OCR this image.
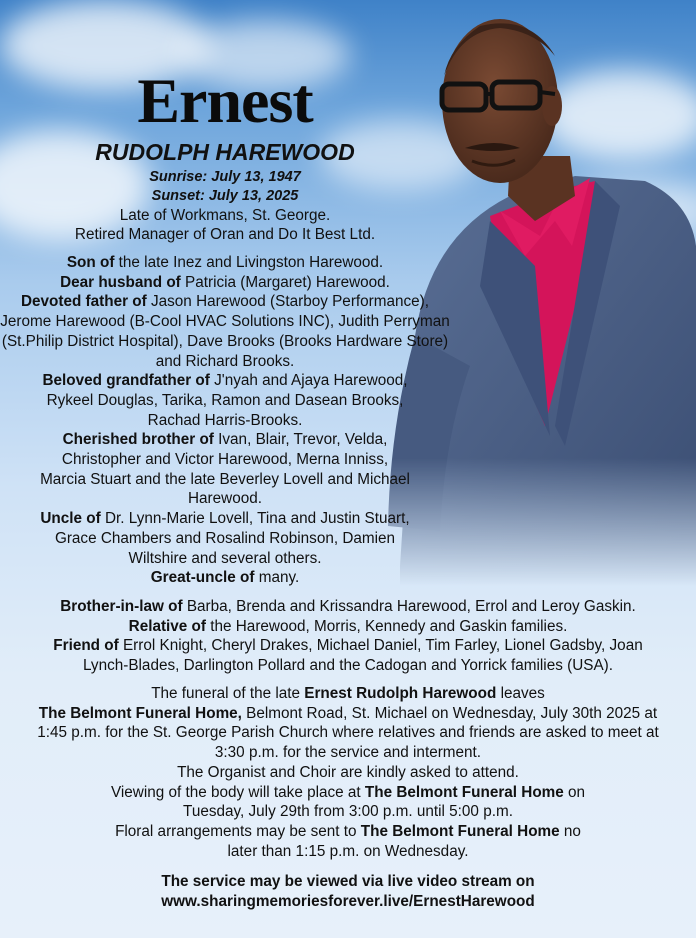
Ernest
RUDOLPH HAREWOOD
Sunrise: July 13, 1947
Sunset: July 13, 2025
Late of Workmans, St. George.
Retired Manager of Oran and Do It Best Ltd.

Son of the late Inez and Livingston Harewood.

Dear husband of Patricia (Margaret) Harewood.

Devoted father of Jason Harewood (Starboy Performance), Jerome Harewood (B-Cool HVAC Solutions INC), Judith Perryman (St.Philip District Hospital), Dave Brooks (Brooks Hardware Store) and Richard Brooks.

Beloved grandfather of J'nyah and Ajaya Harewood, Rykeel Douglas, Tarika, Ramon and Dasean Brooks, Rachad Harris-Brooks.

Cherished brother of Ivan, Blair, Trevor, Velda, Christopher and Victor Harewood, Merna Inniss, Marcia Stuart and the late Beverley Lovell and Michael Harewood.

Uncle of Dr. Lynn-Marie Lovell, Tina and Justin Stuart, Grace Chambers and Rosalind Robinson, Damien Wiltshire and several others.

Great-uncle of many.

Brother-in-law of Barba, Brenda and Krissandra Harewood, Errol and Leroy Gaskin.

Relative of the Harewood, Morris, Kennedy and Gaskin families.

Friend of Errol Knight, Cheryl Drakes, Michael Daniel, Tim Farley, Lionel Gadsby, Joan Lynch-Blades, Darlington Pollard and the Cadogan and Yorrick families (USA).

The funeral of the late Ernest Rudolph Harewood leaves
The Belmont Funeral Home, Belmont Road, St. Michael on Wednesday, July 30th 2025 at 1:45 p.m. for the St. George Parish Church where relatives and friends are asked to meet at 3:30 p.m. for the service and interment.

The Organist and Choir are kindly asked to attend.

Viewing of the body will take place at The Belmont Funeral Home on Tuesday, July 29th from 3:00 p.m. until 5:00 p.m.

Floral arrangements may be sent to The Belmont Funeral Home no later than 1:15 p.m. on Wednesday.

The service may be viewed via live video stream on
www.sharingmemoriesforever.live/ErnestHarewood
